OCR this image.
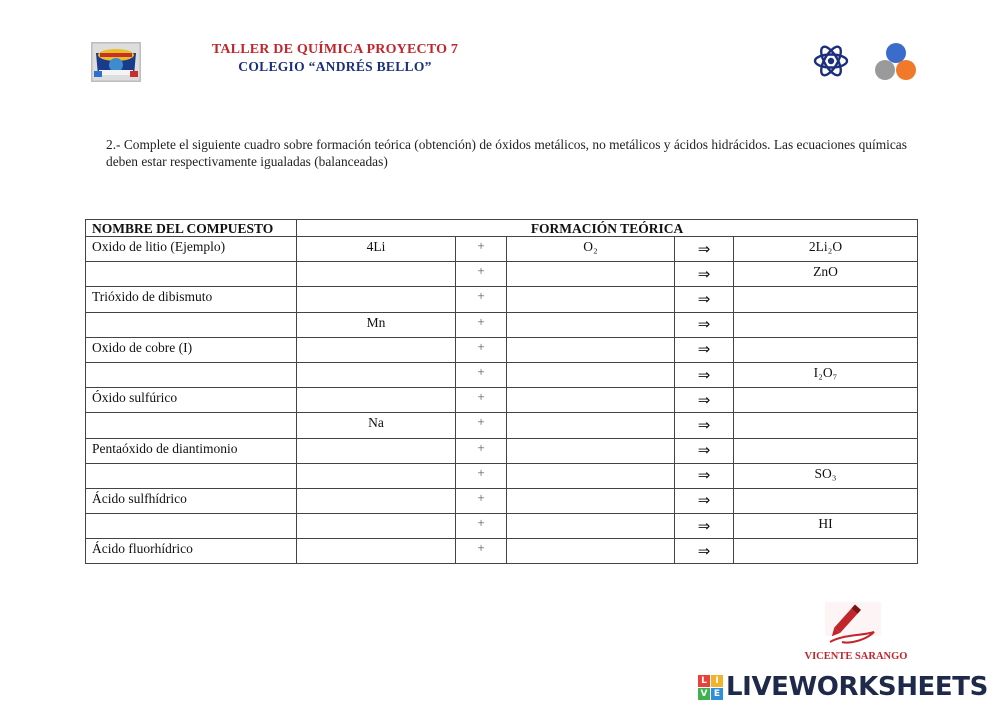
TALLER DE QUÍMICA PROYECTO 7
COLEGIO “ANDRÉS BELLO”
2.- Complete el siguiente cuadro sobre formación teórica (obtención) de óxidos metálicos, no metálicos y ácidos hidrácidos. Las ecuaciones químicas deben estar respectivamente igualadas (balanceadas)
NOMBRE DEL COMPUESTO	FORMACIÓN TEÓRICA				
Oxido de litio (Ejemplo)	4Li	+	O₂	⇒	2Li₂O
		+		⇒	ZnO
Trióxido de dibismuto		+		⇒	
	Mn	+		⇒	
Oxido de cobre (I)		+		⇒	
		+		⇒	I₂O₇
Óxido sulfúrico		+		⇒	
	Na	+		⇒	
Pentaóxido de diantimonio		+		⇒	
		+		⇒	SO₃
Ácido sulfhídrico		+		⇒	
		+		⇒	HI
Ácido fluorhídrico		+		⇒	
VICENTE SARANGO
L I
V E LIVEWORKSHEETS
